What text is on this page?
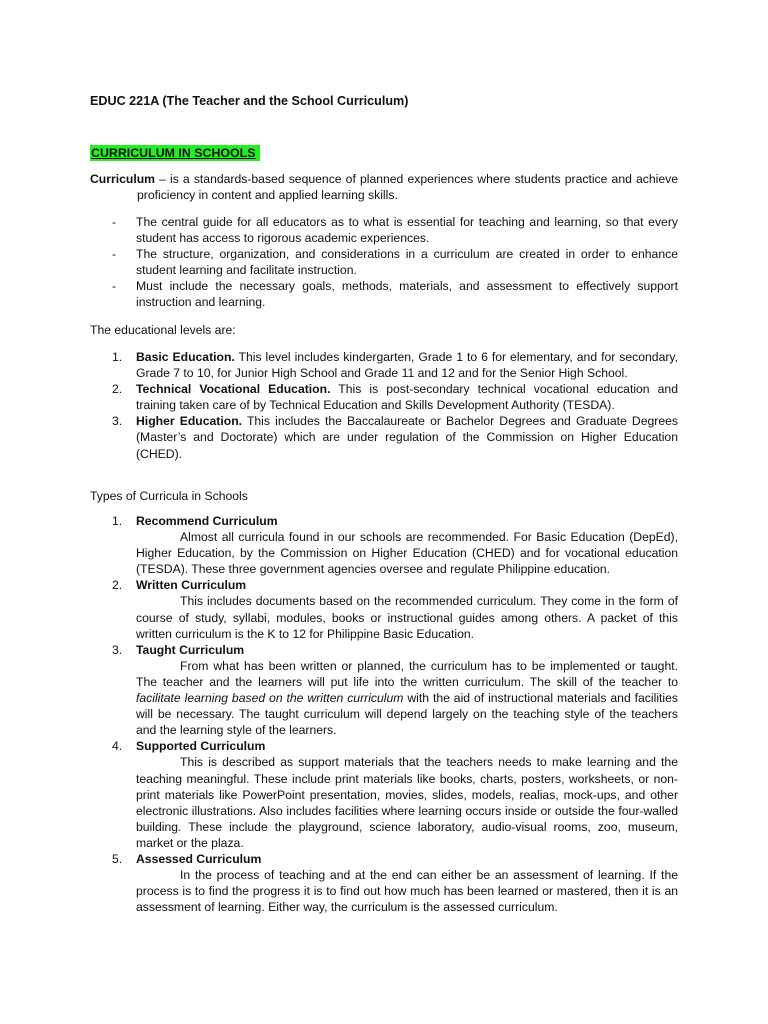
EDUC 221A (The Teacher and the School Curriculum)
CURRICULUM IN SCHOOLS
Curriculum – is a standards-based sequence of planned experiences where students practice and achieve proficiency in content and applied learning skills.
- The central guide for all educators as to what is essential for teaching and learning, so that every student has access to rigorous academic experiences.
- The structure, organization, and considerations in a curriculum are created in order to enhance student learning and facilitate instruction.
- Must include the necessary goals, methods, materials, and assessment to effectively support instruction and learning.
The educational levels are:
1. Basic Education. This level includes kindergarten, Grade 1 to 6 for elementary, and for secondary, Grade 7 to 10, for Junior High School and Grade 11 and 12 and for the Senior High School.
2. Technical Vocational Education. This is post-secondary technical vocational education and training taken care of by Technical Education and Skills Development Authority (TESDA).
3. Higher Education. This includes the Baccalaureate or Bachelor Degrees and Graduate Degrees (Master’s and Doctorate) which are under regulation of the Commission on Higher Education (CHED).
Types of Curricula in Schools
1. Recommend Curriculum
Almost all curricula found in our schools are recommended. For Basic Education (DepEd), Higher Education, by the Commission on Higher Education (CHED) and for vocational education (TESDA). These three government agencies oversee and regulate Philippine education.
2. Written Curriculum
This includes documents based on the recommended curriculum. They come in the form of course of study, syllabi, modules, books or instructional guides among others. A packet of this written curriculum is the K to 12 for Philippine Basic Education.
3. Taught Curriculum
From what has been written or planned, the curriculum has to be implemented or taught. The teacher and the learners will put life into the written curriculum. The skill of the teacher to facilitate learning based on the written curriculum with the aid of instructional materials and facilities will be necessary. The taught curriculum will depend largely on the teaching style of the teachers and the learning style of the learners.
4. Supported Curriculum
This is described as support materials that the teachers needs to make learning and the teaching meaningful. These include print materials like books, charts, posters, worksheets, or non-print materials like PowerPoint presentation, movies, slides, models, realias, mock-ups, and other electronic illustrations. Also includes facilities where learning occurs inside or outside the four-walled building. These include the playground, science laboratory, audio-visual rooms, zoo, museum, market or the plaza.
5. Assessed Curriculum
In the process of teaching and at the end can either be an assessment of learning. If the process is to find the progress it is to find out how much has been learned or mastered, then it is an assessment of learning. Either way, the curriculum is the assessed curriculum.
